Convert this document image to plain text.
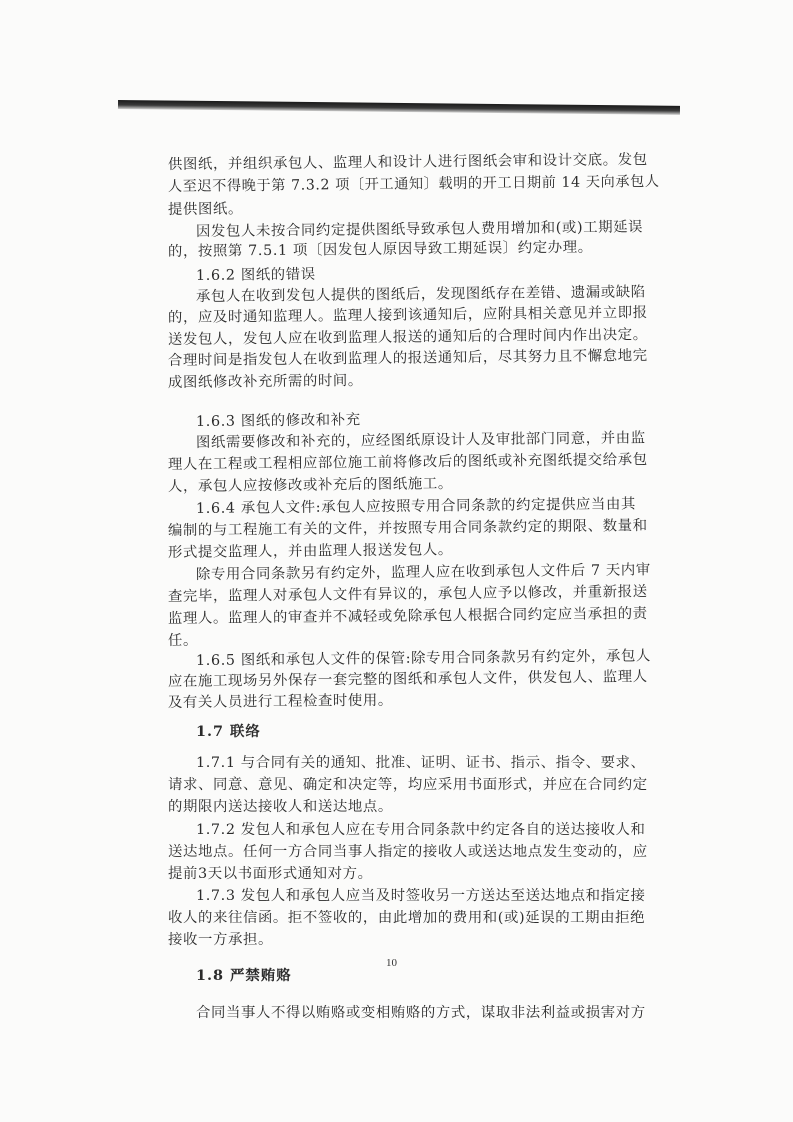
供图纸，并组织承包人、监理人和设计人进行图纸会审和设计交底。发包
人至迟不得晚于第 7.3.2 项〔开工通知〕载明的开工日期前 14 天向承包人
提供图纸。
因发包人未按合同约定提供图纸导致承包人费用增加和(或)工期延误
的，按照第 7.5.1 项〔因发包人原因导致工期延误〕约定办理。
1.6.2 图纸的错误
承包人在收到发包人提供的图纸后，发现图纸存在差错、遗漏或缺陷
的，应及时通知监理人。监理人接到该通知后，应附具相关意见并立即报
送发包人，发包人应在收到监理人报送的通知后的合理时间内作出决定。
合理时间是指发包人在收到监理人的报送通知后，尽其努力且不懈怠地完
成图纸修改补充所需的时间。
1.6.3 图纸的修改和补充
图纸需要修改和补充的，应经图纸原设计人及审批部门同意，并由监
理人在工程或工程相应部位施工前将修改后的图纸或补充图纸提交给承包
人，承包人应按修改或补充后的图纸施工。
1.6.4 承包人文件:承包人应按照专用合同条款的约定提供应当由其
编制的与工程施工有关的文件，并按照专用合同条款约定的期限、数量和
形式提交监理人，并由监理人报送发包人。
除专用合同条款另有约定外，监理人应在收到承包人文件后 7 天内审
查完毕，监理人对承包人文件有异议的，承包人应予以修改，并重新报送
监理人。监理人的审查并不减轻或免除承包人根据合同约定应当承担的责
任。
1.6.5 图纸和承包人文件的保管:除专用合同条款另有约定外，承包人
应在施工现场另外保存一套完整的图纸和承包人文件，供发包人、监理人
及有关人员进行工程检查时使用。
1.7 联络
1.7.1 与合同有关的通知、批准、证明、证书、指示、指令、要求、
请求、同意、意见、确定和决定等，均应采用书面形式，并应在合同约定
的期限内送达接收人和送达地点。
1.7.2 发包人和承包人应在专用合同条款中约定各自的送达接收人和
送达地点。任何一方合同当事人指定的接收人或送达地点发生变动的，应
提前3天以书面形式通知对方。
1.7.3 发包人和承包人应当及时签收另一方送达至送达地点和指定接
收人的来往信函。拒不签收的，由此增加的费用和(或)延误的工期由拒绝
接收一方承担。
1.8 严禁贿赂
合同当事人不得以贿赂或变相贿赂的方式，谋取非法利益或损害对方
10
